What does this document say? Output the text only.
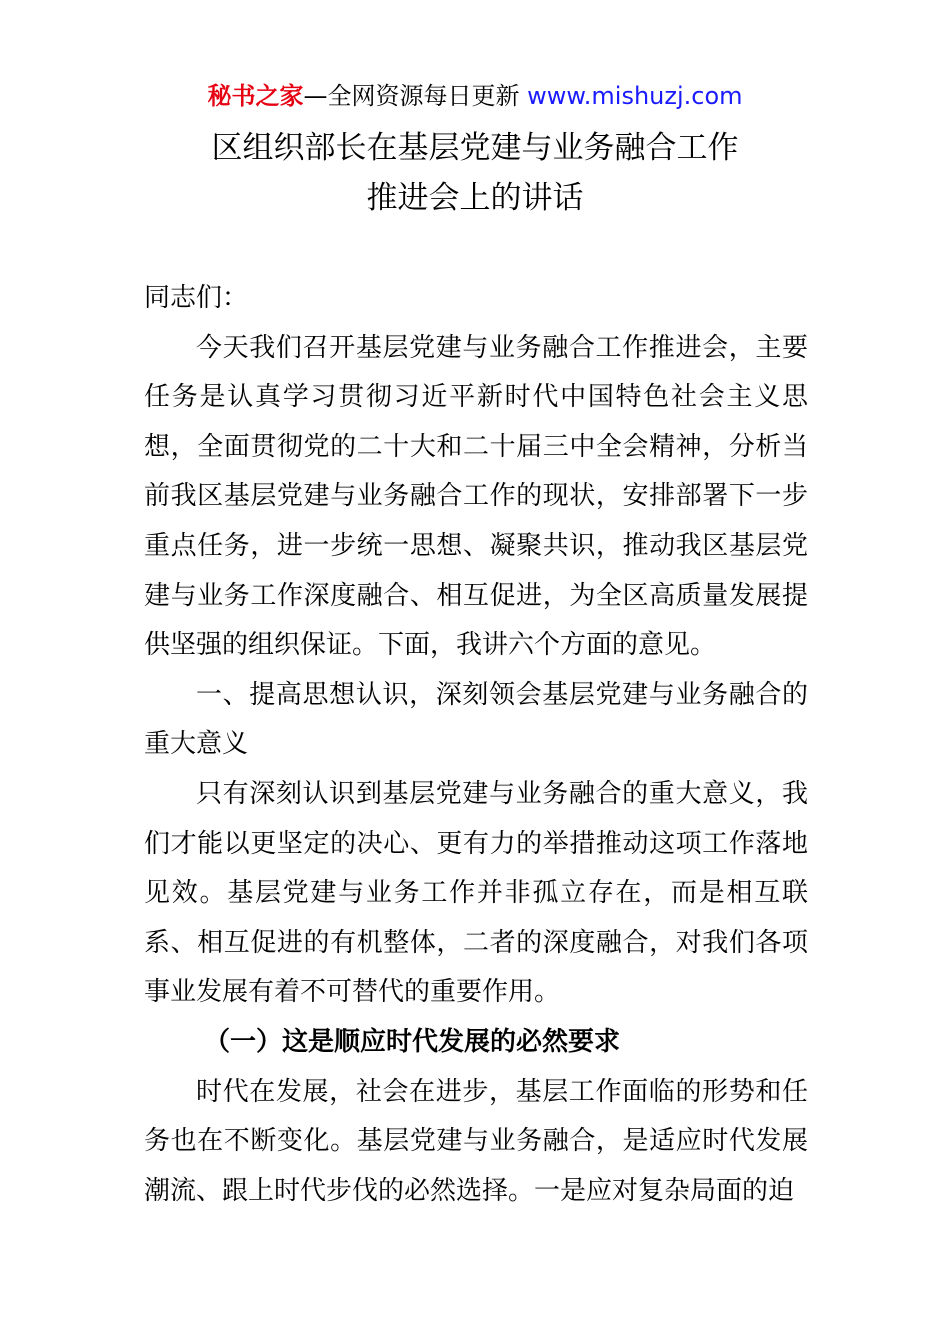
秘书之家—全网资源每日更新 www.mishuzj.com
区组织部长在基层党建与业务融合工作
推进会上的讲话

同志们：

今天我们召开基层党建与业务融合工作推进会，主要任务是认真学习贯彻习近平新时代中国特色社会主义思想，全面贯彻党的二十大和二十届三中全会精神，分析当前我区基层党建与业务融合工作的现状，安排部署下一步重点任务，进一步统一思想、凝聚共识，推动我区基层党建与业务工作深度融合、相互促进，为全区高质量发展提供坚强的组织保证。下面，我讲六个方面的意见。

一、提高思想认识，深刻领会基层党建与业务融合的重大意义

只有深刻认识到基层党建与业务融合的重大意义，我们才能以更坚定的决心、更有力的举措推动这项工作落地见效。基层党建与业务工作并非孤立存在，而是相互联系、相互促进的有机整体，二者的深度融合，对我们各项事业发展有着不可替代的重要作用。

（一）这是顺应时代发展的必然要求

时代在发展，社会在进步，基层工作面临的形势和任务也在不断变化。基层党建与业务融合，是适应时代发展潮流、跟上时代步伐的必然选择。一是应对复杂局面的迫
